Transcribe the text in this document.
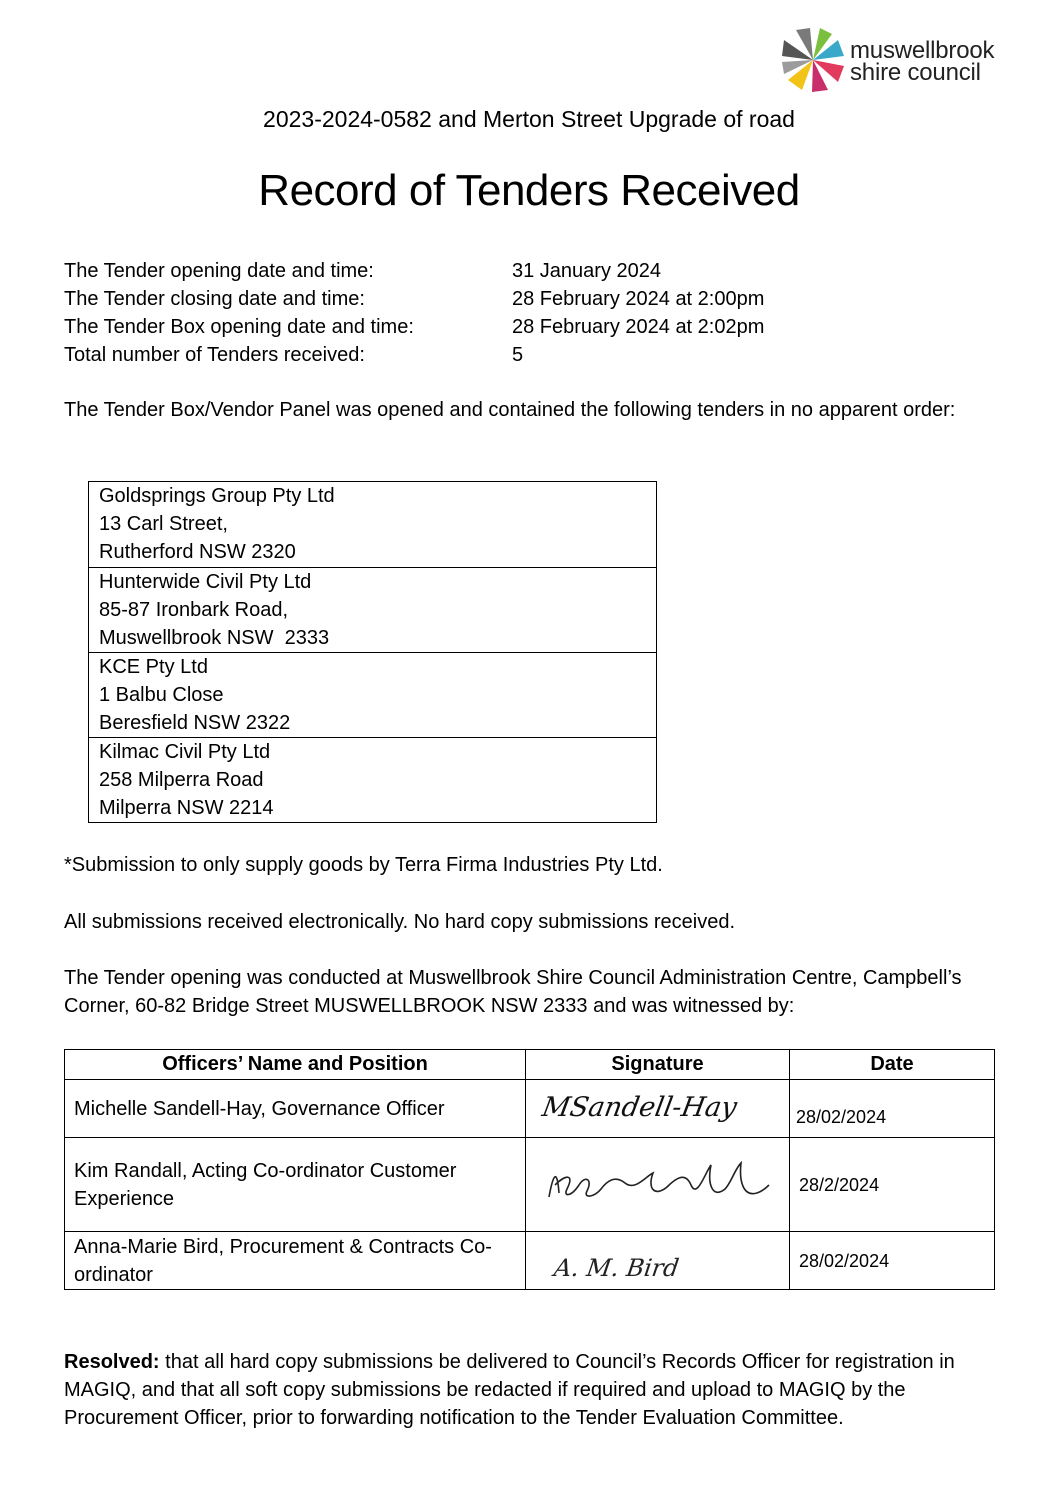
muswellbrook
shire council
2023-2024-0582 and Merton Street Upgrade of road
Record of Tenders Received
The Tender opening date and time:	31 January 2024
The Tender closing date and time:	28 February 2024 at 2:00pm
The Tender Box opening date and time:	28 February 2024 at 2:02pm
Total number of Tenders received:	5
The Tender Box/Vendor Panel was opened and contained the following tenders in no apparent order:
Goldsprings Group Pty Ltd
13 Carl Street,
Rutherford NSW 2320
Hunterwide Civil Pty Ltd
85-87 Ironbark Road,
Muswellbrook NSW  2333
KCE Pty Ltd
1 Balbu Close
Beresfield NSW 2322
Kilmac Civil Pty Ltd
258 Milperra Road
Milperra NSW 2214
*Submission to only supply goods by Terra Firma Industries Pty Ltd.
All submissions received electronically. No hard copy submissions received.
The Tender opening was conducted at Muswellbrook Shire Council Administration Centre, Campbell’s Corner, 60-82 Bridge Street MUSWELLBROOK NSW 2333 and was witnessed by:
Officers’ Name and Position	Signature	Date
Michelle Sandell-Hay, Governance Officer	MSandell-Hay	28/02/2024
Kim Randall, Acting Co-ordinator Customer Experience	KRandall	28/2/2024
Anna-Marie Bird, Procurement & Contracts Co-ordinator	A. M. Bird	28/02/2024
Resolved: that all hard copy submissions be delivered to Council’s Records Officer for registration in MAGIQ, and that all soft copy submissions be redacted if required and upload to MAGIQ by the Procurement Officer, prior to forwarding notification to the Tender Evaluation Committee.
